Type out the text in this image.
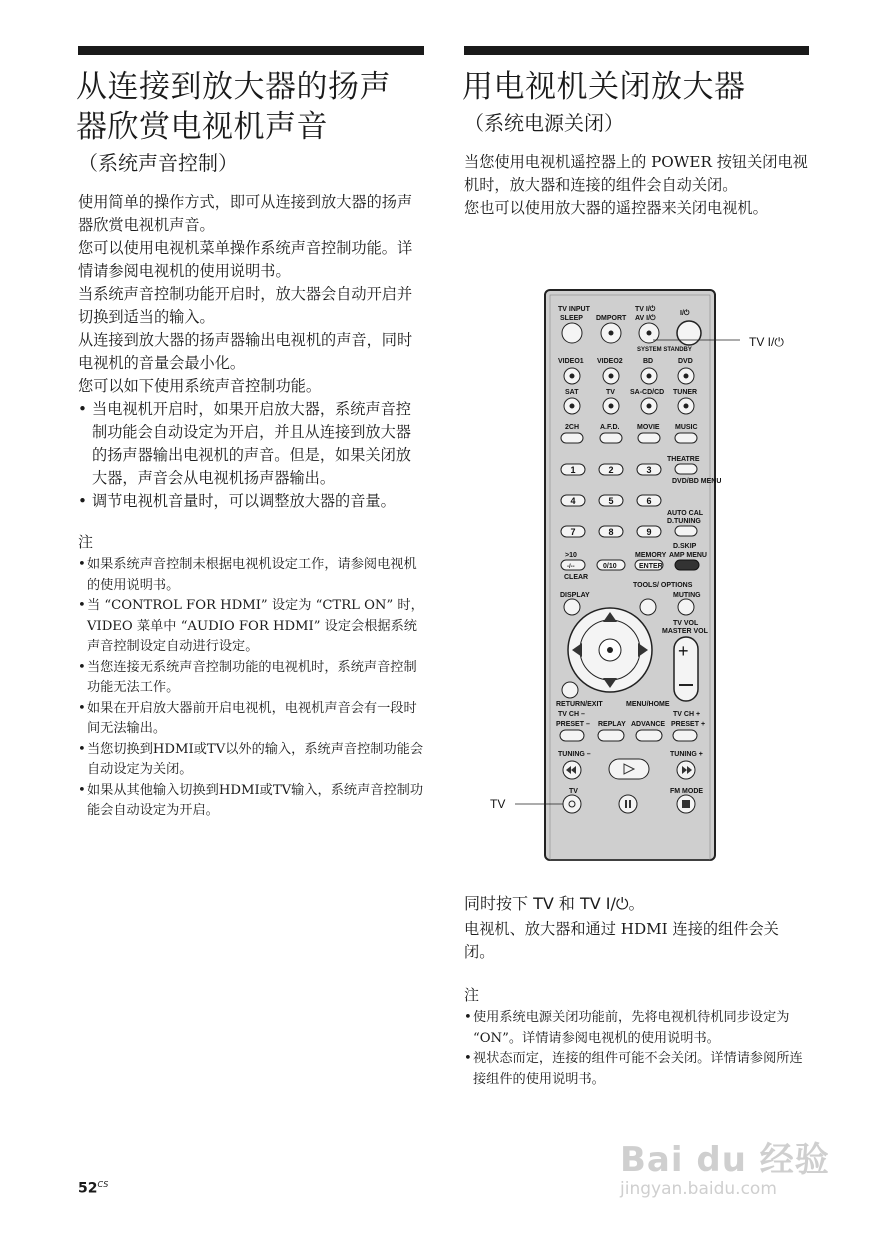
从连接到放大器的扬声器欣赏电视机声音
（系统声音控制）

使用简单的操作方式，即可从连接到放大器的扬声器欣赏电视机声音。

您可以使用电视机菜单操作系统声音控制功能。详情请参阅电视机的使用说明书。

当系统声音控制功能开启时，放大器会自动开启并切换到适当的输入。

从连接到放大器的扬声器输出电视机的声音，同时电视机的音量会最小化。

您可以如下使用系统声音控制功能。

• 当电视机开启时，如果开启放大器，系统声音控制功能会自动设定为开启，并且从连接到放大器的扬声器输出电视机的声音。但是，如果关闭放大器，声音会从电视机扬声器输出。
• 调节电视机音量时，可以调整放大器的音量。
注
• 如果系统声音控制未根据电视机设定工作，请参阅电视机的使用说明书。
• 当 “CONTROL FOR HDMI” 设定为 “CTRL ON” 时，VIDEO 菜单中 “AUDIO FOR HDMI” 设定会根据系统声音控制设定自动进行设定。
• 当您连接无系统声音控制功能的电视机时，系统声音控制功能无法工作。
• 如果在开启放大器前开启电视机，电视机声音会有一段时间无法输出。
• 当您切换到HDMI或TV以外的输入，系统声音控制功能会自动设定为关闭。
• 如果从其他输入切换到HDMI或TV输入，系统声音控制功能会自动设定为开启。
用电视机关闭放大器
（系统电源关闭）

当您使用电视机遥控器上的 POWER 按钮关闭电视机时，放大器和连接的组件会自动关闭。

您也可以使用放大器的遥控器来关闭电视机。

TV INPUT
SLEEP DMPORT
TV I/⏻
AV I/⏻
I/⏻
SYSTEM STANDBY
TV I/⏻
VIDEO1 VIDEO2	BD	DVD
SAT	TV SA-CD/CD TUNER
2CH	A.F.D.	MOVIE MUSIC
THEATRE
1	2	3
4	5	6
7	8	9
DVD/BD MENU
AUTO CAL
D.TUNING
D.SKIP
>10
-/--
CLEAR
0/10
MEMORY
ENTER
AMP MENU
TOOLS/ OPTIONS
DISPLAY	MUTING
TV VOL
MASTER VOL
+
RETURN/EXIT	MENU/HOME
TV CH –
PRESET – REPLAY ADVANCE
TV CH +
PRESET +
TUNING –	TUNING +
TV	FM MODE
TV
同时按下 TV 和 TV I/⏻。
电视机、放大器和通过 HDMI 连接的组件会关闭。
注
• 使用系统电源关闭功能前，先将电视机待机同步设定为 “ON”。详情请参阅电视机的使用说明书。
• 视状态而定，连接的组件可能不会关闭。详情请参阅所连接组件的使用说明书。
$52^{CS}$
Bai du 经验
jingyan.baidu.com
